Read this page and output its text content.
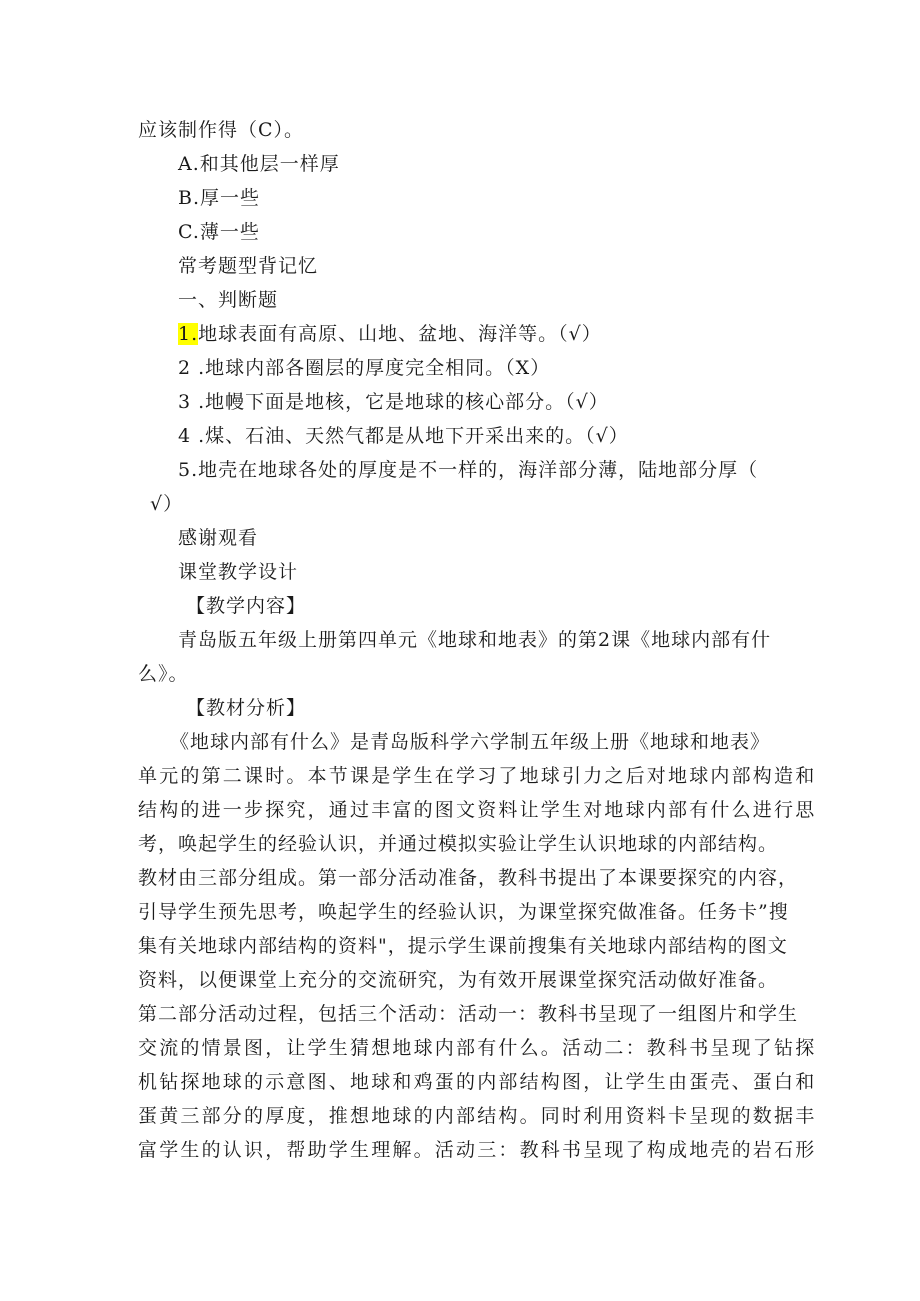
应该制作得（C）。
A.和其他层一样厚
B.厚一些
C.薄一些
常考题型背记忆
一、判断题
1.地球表面有高原、山地、盆地、海洋等。（√）
2 .地球内部各圈层的厚度完全相同。（X）
3 .地幔下面是地核，它是地球的核心部分。（√）
4 .煤、石油、天然气都是从地下开采出来的。（√）
5.地壳在地球各处的厚度是不一样的，海洋部分薄，陆地部分厚（
√）
感谢观看
课堂教学设计
【教学内容】
青岛版五年级上册第四单元《地球和地表》的第2课《地球内部有什
么》。
【教材分析】
《地球内部有什么》是青岛版科学六学制五年级上册《地球和地表》
单元的第二课时。本节课是学生在学习了地球引力之后对地球内部构造和
结构的进一步探究，通过丰富的图文资料让学生对地球内部有什么进行思
考，唤起学生的经验认识，并通过模拟实验让学生认识地球的内部结构。
教材由三部分组成。第一部分活动准备，教科书提出了本课要探究的内容，
引导学生预先思考，唤起学生的经验认识，为课堂探究做准备。任务卡”搜
集有关地球内部结构的资料"，提示学生课前搜集有关地球内部结构的图文
资料，以便课堂上充分的交流研究，为有效开展课堂探究活动做好准备。
第二部分活动过程，包括三个活动：活动一：教科书呈现了一组图片和学生
交流的情景图，让学生猜想地球内部有什么。活动二：教科书呈现了钻探
机钻探地球的示意图、地球和鸡蛋的内部结构图，让学生由蛋壳、蛋白和
蛋黄三部分的厚度，推想地球的内部结构。同时利用资料卡呈现的数据丰
富学生的认识，帮助学生理解。活动三：教科书呈现了构成地壳的岩石形
